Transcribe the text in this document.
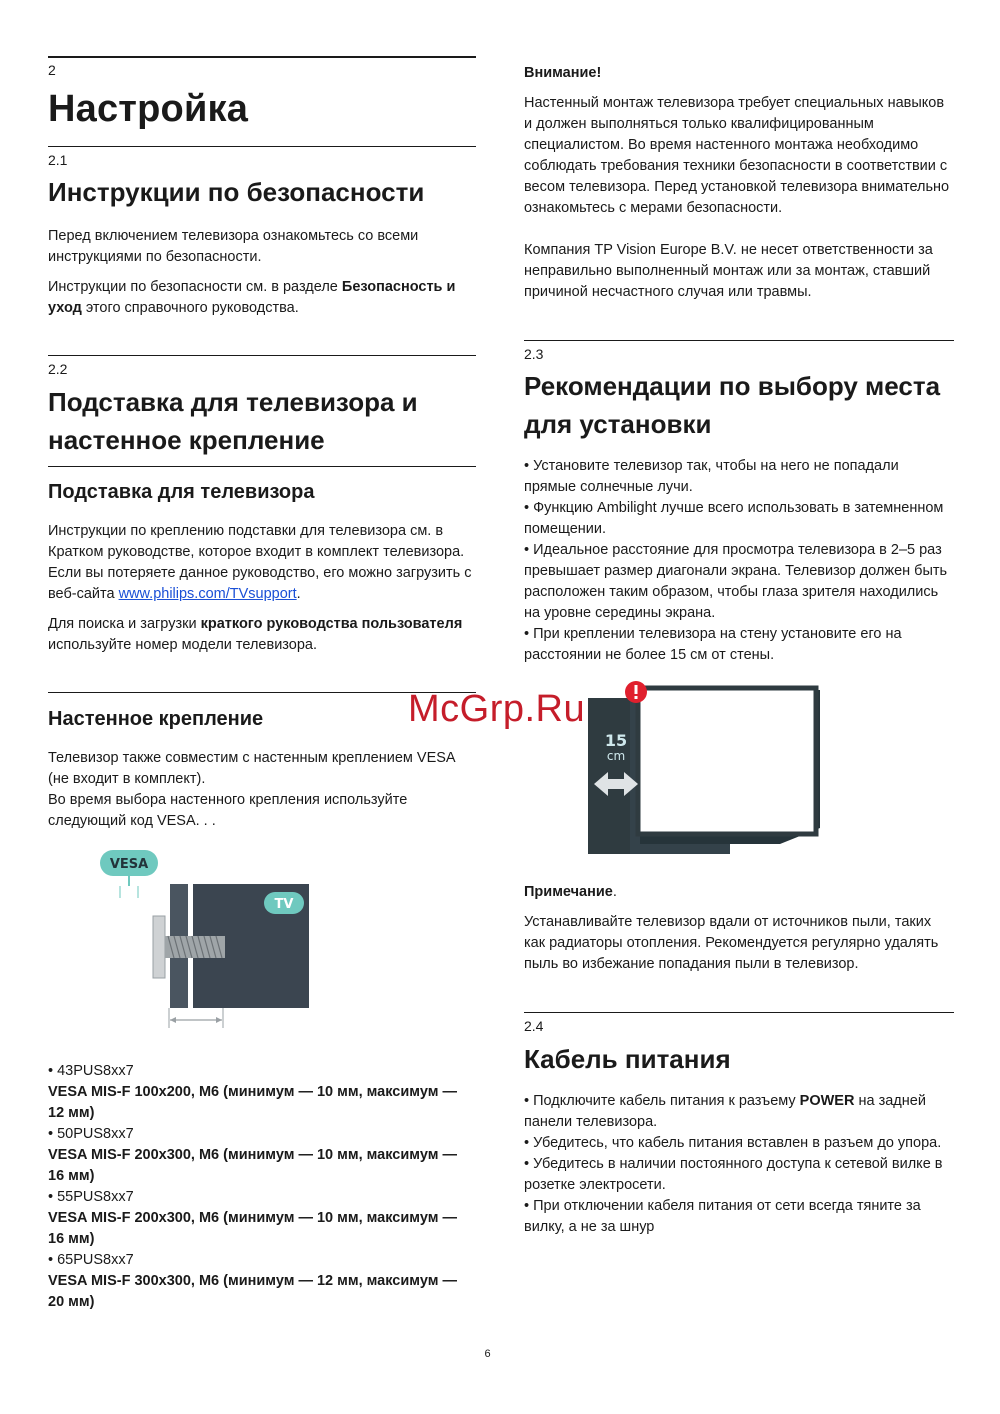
2
Настройка
2.1
Инструкции по безопасности
Перед включением телевизора ознакомьтесь со всеми инструкциями по безопасности.
Инструкции по безопасности см. в разделе Безопасность и уход этого справочного руководства.
2.2
Подставка для телевизора и
настенное крепление
Подставка для телевизора
Инструкции по креплению подставки для телевизора см. в Кратком руководстве, которое входит в комплект телевизора. Если вы потеряете данное руководство, его можно загрузить с веб-сайта www.philips.com/TVsupport.
Для поиска и загрузки краткого руководства пользователя используйте номер модели телевизора.
Настенное крепление
Телевизор также совместим с настенным креплением VESA (не входит в комплект).
Во время выбора настенного крепления используйте следующий код VESA. . .
VESA
TV
• 43PUS8xx7
VESA MIS-F 100x200, M6 (минимум — 10 мм, максимум — 12 мм)
• 50PUS8xx7
VESA MIS-F 200x300, M6 (минимум — 10 мм, максимум — 16 мм)
• 55PUS8xx7
VESA MIS-F 200x300, M6 (минимум — 10 мм, максимум — 16 мм)
• 65PUS8xx7
VESA MIS-F 300x300, M6 (минимум — 12 мм, максимум — 20 мм)
Внимание!
Настенный монтаж телевизора требует специальных навыков и должен выполняться только квалифицированным специалистом. Во время настенного монтажа необходимо соблюдать требования техники безопасности в соответствии с весом телевизора. Перед установкой телевизора внимательно ознакомьтесь с мерами безопасности.
Компания TP Vision Europe B.V. не несет ответственности за неправильно выполненный монтаж или за монтаж, ставший причиной несчастного случая или травмы.
2.3
Рекомендации по выбору места
для установки
• Установите телевизор так, чтобы на него не попадали прямые солнечные лучи.
• Функцию Ambilight лучше всего использовать в затемненном помещении.
• Идеальное расстояние для просмотра телевизора в 2–5 раз превышает размер диагонали экрана. Телевизор должен быть расположен таким образом, чтобы глаза зрителя находились на уровне середины экрана.
• При креплении телевизора на стену установите его на расстоянии не более 15 см от стены.
15
cm
Примечание.
Устанавливайте телевизор вдали от источников пыли, таких как радиаторы отопления. Рекомендуется регулярно удалять пыль во избежание попадания пыли в телевизор.
2.4
Кабель питания
• Подключите кабель питания к разъему POWER на задней панели телевизора.
• Убедитесь, что кабель питания вставлен в разъем до упора.
• Убедитесь в наличии постоянного доступа к сетевой вилке в розетке электросети.
• При отключении кабеля питания от сети всегда тяните за вилку, а не за шнур
McGrp.Ru
6
